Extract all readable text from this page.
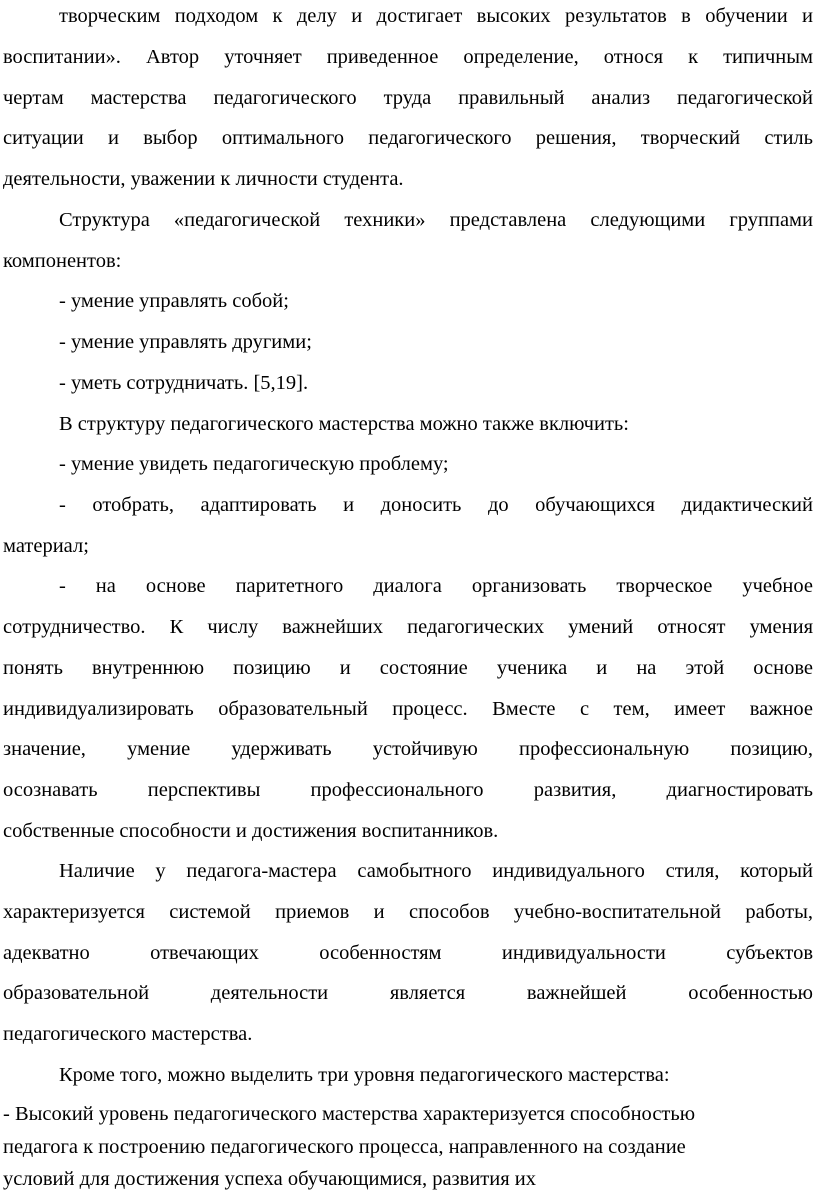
творческим подходом к делу и достигает высоких результатов в обучении и
воспитании». Автор уточняет приведенное определение, относя к типичным
чертам мастерства педагогического труда правильный анализ педагогической
ситуации и выбор оптимального педагогического решения, творческий стиль
деятельности, уважении к личности студента.
Структура «педагогической техники» представлена следующими группами
компонентов:
- умение управлять собой;
- умение управлять другими;
- уметь сотрудничать. [5,19].
В структуру педагогического мастерства можно также включить:
- умение увидеть педагогическую проблему;
- отобрать, адаптировать и доносить до обучающихся дидактический
материал;
- на основе паритетного диалога организовать творческое учебное
сотрудничество. К числу важнейших педагогических умений относят умения
понять внутреннюю позицию и состояние ученика и на этой основе
индивидуализировать образовательный процесс. Вместе с тем, имеет важное
значение, умение удерживать устойчивую профессиональную позицию,
осознавать перспективы профессионального развития, диагностировать
собственные способности и достижения воспитанников.
Наличие у педагога-мастера самобытного индивидуального стиля, который
характеризуется системой приемов и способов учебно-воспитательной работы,
адекватно отвечающих особенностям индивидуальности субъектов
образовательной деятельности является важнейшей особенностью
педагогического мастерства.
Кроме того, можно выделить три уровня педагогического мастерства:
- Высокий уровень педагогического мастерства характеризуется способностью
педагога к построению педагогического процесса, направленного на создание
условий для достижения успеха обучающимися, развития их
